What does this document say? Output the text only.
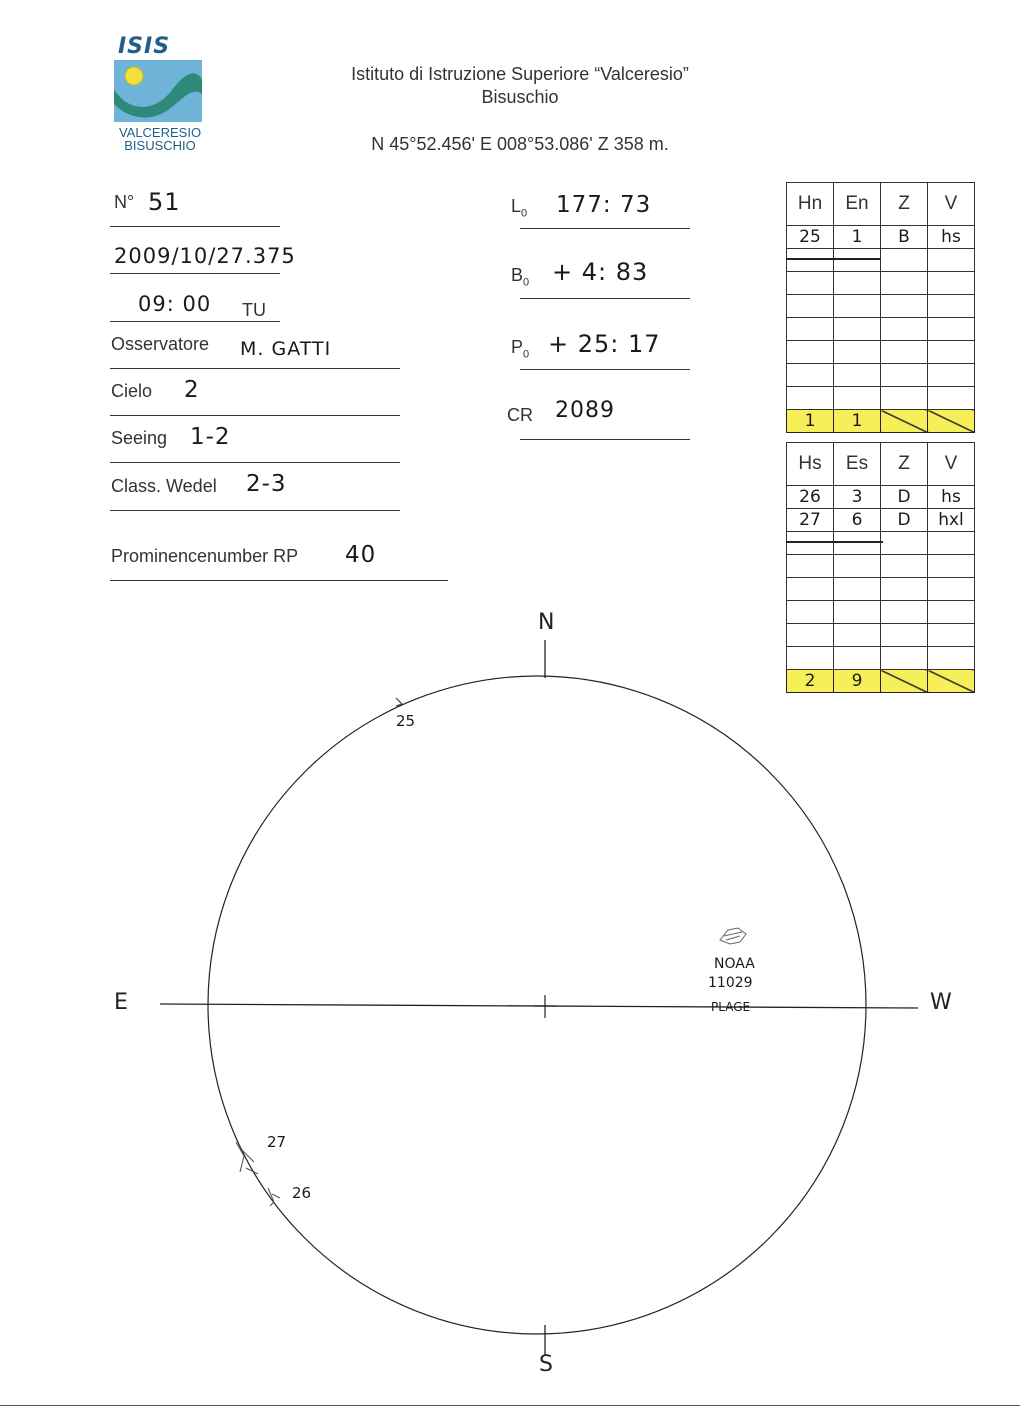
ISIS
VALCERESIO
BISUSCHIO
Istituto di Istruzione Superiore “Valceresio”
Bisuschio
N 45°52.456' E 008°53.086' Z 358 m.
N° 51
2009/10/27.375
09: 00 TU
Osservatore M. GATTI
Cielo 2
Seeing 1-2
Class. Wedel 2-3
Prominencenumber RP 40
$L_0$ 177: 73
$B_0 + 4$: 83
$P_0 + 25$: 17
CR 2089
Hn	En	Z	V
25	1	B	hs

1	1		
Hs	Es	Z	V
26	3	D	hs
27	6	D	hxl

2	9		
N
S
E	W
25
27
26
NOAA
11029
PLAGE
